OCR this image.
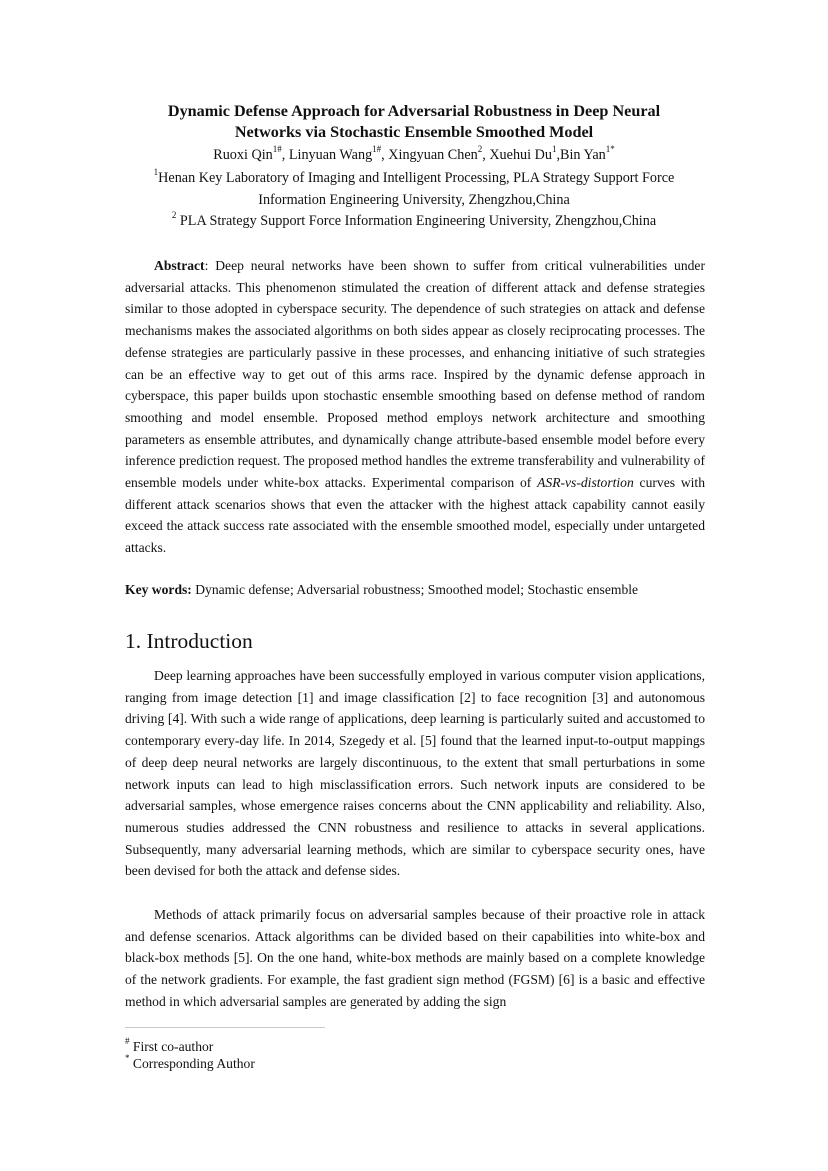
Dynamic Defense Approach for Adversarial Robustness in Deep Neural
Networks via Stochastic Ensemble Smoothed Model
Ruoxi Qin$^{1\#}$, Linyuan Wang$^{1\#}$, Xingyuan Chen$^2$, Xuehui Du$^1$,Bin Yan$^{1*}$
$^1$Henan Key Laboratory of Imaging and Intelligent Processing, PLA Strategy Support Force
Information Engineering University, Zhengzhou,China
$^2$ PLA Strategy Support Force Information Engineering University, Zhengzhou,China
Abstract: Deep neural networks have been shown to suffer from critical vulnerabilities under adversarial attacks. This phenomenon stimulated the creation of different attack and defense strategies similar to those adopted in cyberspace security. The dependence of such strategies on attack and defense mechanisms makes the associated algorithms on both sides appear as closely reciprocating processes. The defense strategies are particularly passive in these processes, and enhancing initiative of such strategies can be an effective way to get out of this arms race. Inspired by the dynamic defense approach in cyberspace, this paper builds upon stochastic ensemble smoothing based on defense method of random smoothing and model ensemble. Proposed method employs network architecture and smoothing parameters as ensemble attributes, and dynamically change attribute-based ensemble model before every inference prediction request. The proposed method handles the extreme transferability and vulnerability of ensemble models under white-box attacks. Experimental comparison of ASR-vs-distortion curves with different attack scenarios shows that even the attacker with the highest attack capability cannot easily exceed the attack success rate associated with the ensemble smoothed model, especially under untargeted attacks.
Key words: Dynamic defense; Adversarial robustness; Smoothed model; Stochastic ensemble
1. Introduction
Deep learning approaches have been successfully employed in various computer vision applications, ranging from image detection [1] and image classification [2] to face recognition [3] and autonomous driving [4]. With such a wide range of applications, deep learning is particularly suited and accustomed to contemporary every-day life. In 2014, Szegedy et al. [5] found that the learned input-to-output mappings of deep deep neural networks are largely discontinuous, to the extent that small perturbations in some network inputs can lead to high misclassification errors. Such network inputs are considered to be adversarial samples, whose emergence raises concerns about the CNN applicability and reliability. Also, numerous studies addressed the CNN robustness and resilience to attacks in several applications. Subsequently, many adversarial learning methods, which are similar to cyberspace security ones, have been devised for both the attack and defense sides.
Methods of attack primarily focus on adversarial samples because of their proactive role in attack and defense scenarios. Attack algorithms can be divided based on their capabilities into white-box and black-box methods [5]. On the one hand, white-box methods are mainly based on a complete knowledge of the network gradients. For example, the fast gradient sign method (FGSM) [6] is a basic and effective method in which adversarial samples are generated by adding the sign
# First co-author
* Corresponding Author
